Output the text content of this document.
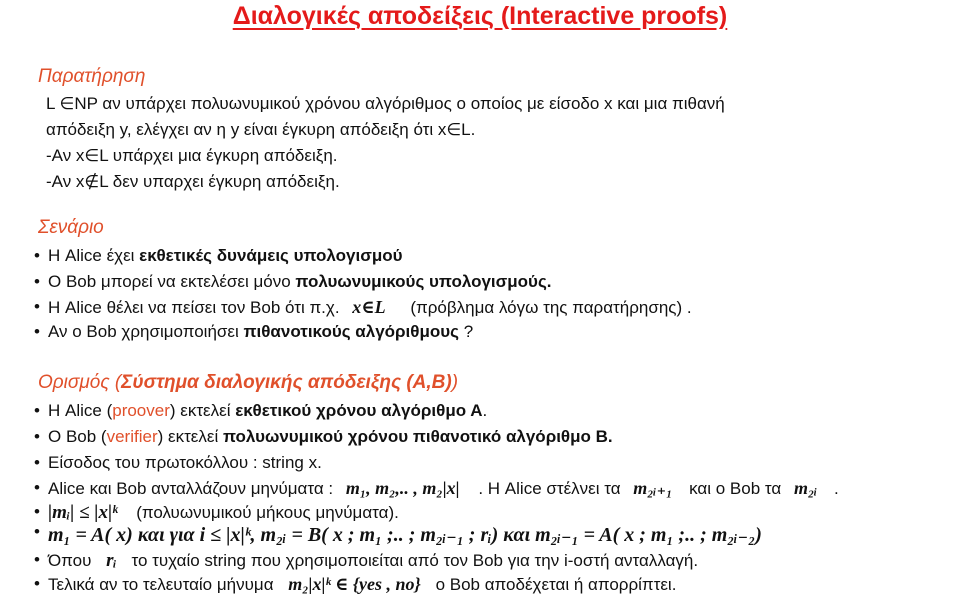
Διαλογικές αποδείξεις (Interactive proofs)
Παρατήρηση
L ∈NP αν υπάρχει πολυωνυμικού χρόνου αλγόριθμος ο οποίος με είσοδο x και μια πιθανή
απόδειξη y, ελέγχει αν η y είναι έγκυρη απόδειξη ότι x∈L.
-Αν x∈L υπάρχει μια έγκυρη απόδειξη.
-Αν x∉L δεν υπαρχει έγκυρη απόδειξη.
Σενάριο
• Η Alice έχει εκθετικές δυνάμεις υπολογισμού
• Ο Bob μπορεί να εκτελέσει μόνο πολυωνυμικούς υπολογισμούς.
• Η Alice θέλει να πείσει τον Bob ότι π.χ. x∈L (πρόβλημα λόγω της παρατήρησης) .
• Αν ο Bob χρησιμοποιήσει πιθανοτικούς αλγόριθμους ?
Ορισμός (Σύστημα διαλογικής απόδειξης (Α,Β))
• Η Alice (proover) εκτελεί εκθετικού χρόνου αλγόριθμο Α.
• Ο Bob (verifier) εκτελεί πολυωνυμικού χρόνου πιθανοτικό αλγόριθμο Β.
• Είσοδος του πρωτοκόλλου : string x.
• Alice και Bob ανταλλάζουν μηνύματα : m₁, m₂,.. , m₂|x| . Η Alice στέλνει τα m₂ᵢ₊₁ και ο Bob τα m₂ᵢ .
• |mᵢ| ≤ |x|ᵏ (πολυωνυμικού μήκους μηνύματα).
• m₁ = A( x) και για i ≤ |x|ᵏ, m₂ᵢ = B( x ; m₁ ;.. ; m₂ᵢ₋₁ ; rᵢ) και m₂ᵢ₋₁ = A( x ; m₁ ;.. ; m₂ᵢ₋₂)
• Όπου rᵢ το τυχαίο string που χρησιμοποιείται από τον Bob για την i-οστή ανταλλαγή.
• Τελικά αν το τελευταίο μήνυμα m₂|x|ᵏ ∈ {yes , no} ο Bob αποδέχεται ή απορρίπτει.
